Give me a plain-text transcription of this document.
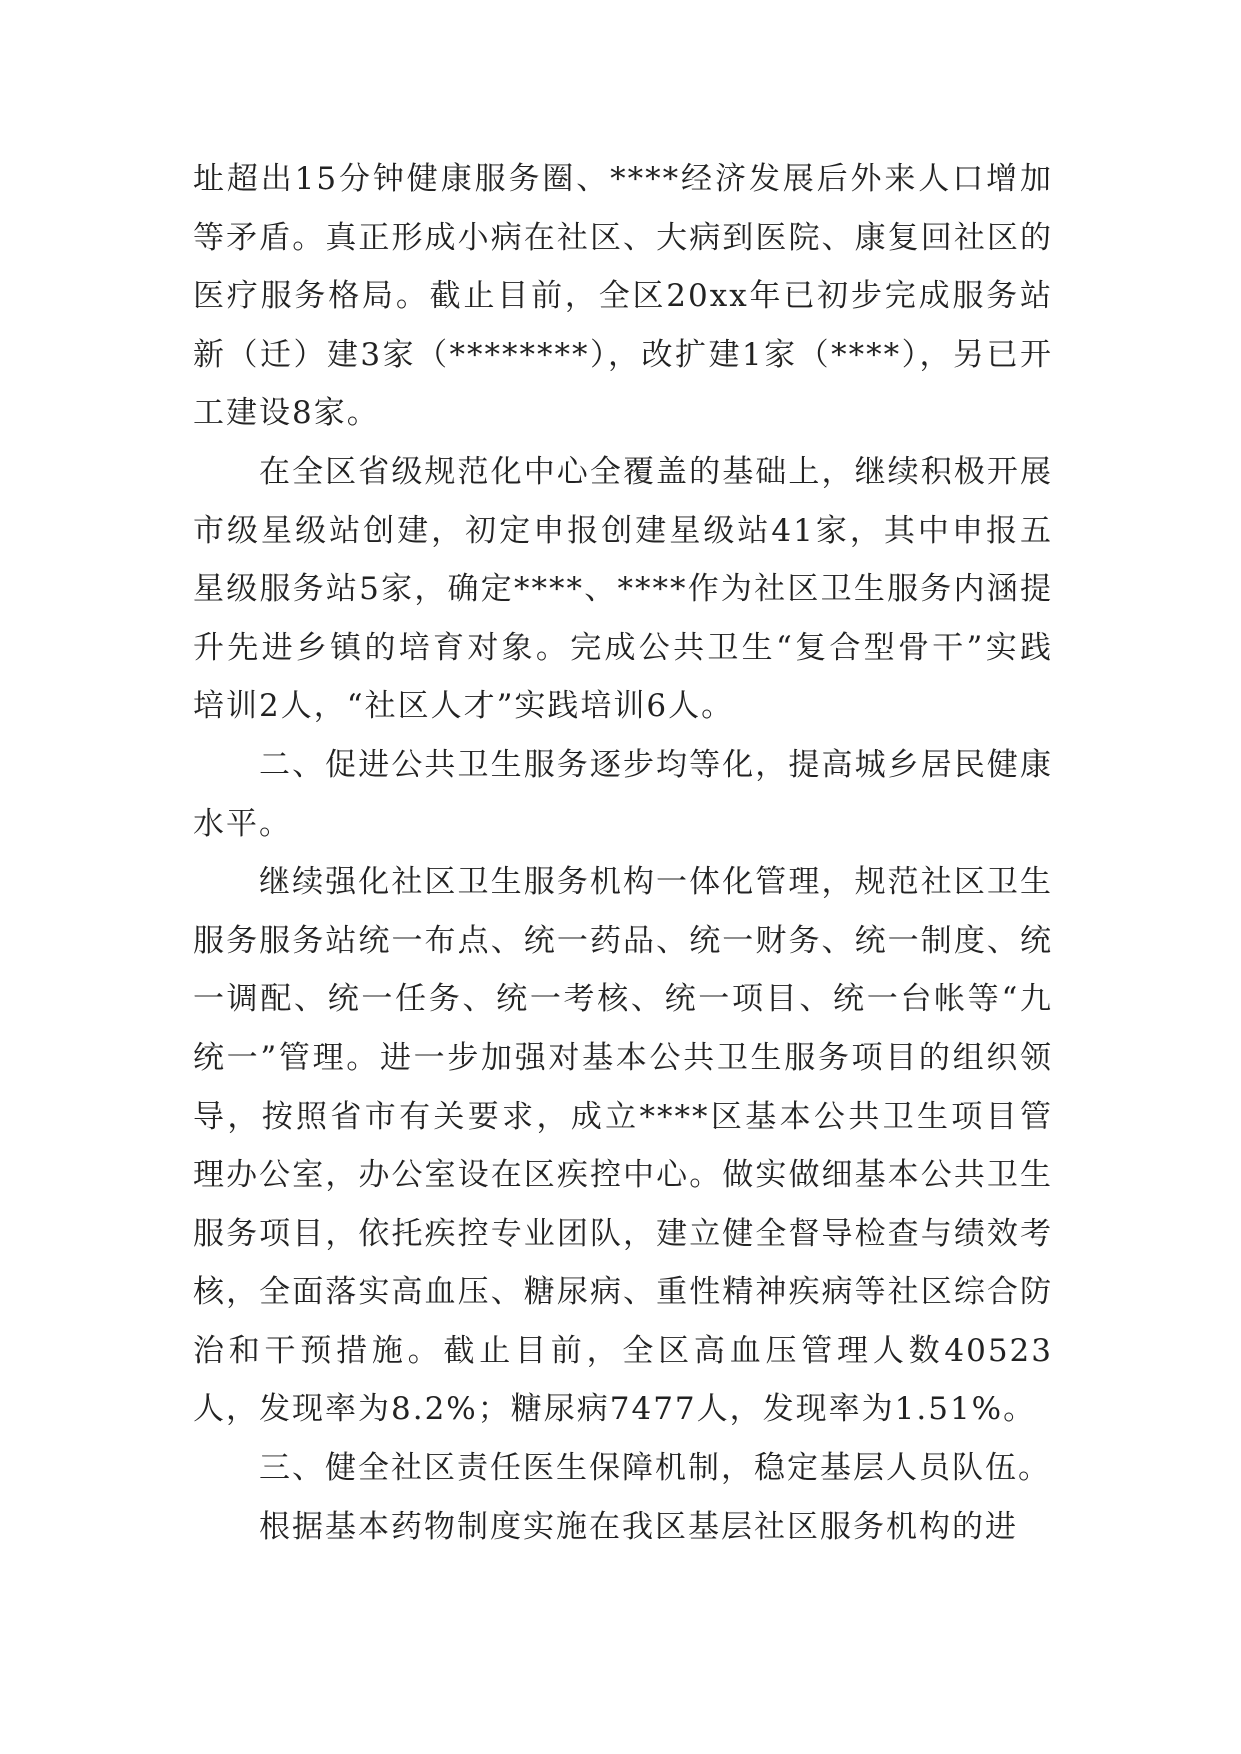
址超出15分钟健康服务圈、****经济发展后外来人口增加等矛盾。真正形成小病在社区、大病到医院、康复回社区的医疗服务格局。截止目前，全区20xx年已初步完成服务站新（迁）建3家（********），改扩建1家（****），另已开工建设8家。

在全区省级规范化中心全覆盖的基础上，继续积极开展市级星级站创建，初定申报创建星级站41家，其中申报五星级服务站5家，确定****、****作为社区卫生服务内涵提升先进乡镇的培育对象。完成公共卫生“复合型骨干”实践培训2人，“社区人才”实践培训6人。

二、促进公共卫生服务逐步均等化，提高城乡居民健康水平。

继续强化社区卫生服务机构一体化管理，规范社区卫生服务服务站统一布点、统一药品、统一财务、统一制度、统一调配、统一任务、统一考核、统一项目、统一台帐等“九统一”管理。进一步加强对基本公共卫生服务项目的组织领导，按照省市有关要求，成立****区基本公共卫生项目管理办公室，办公室设在区疾控中心。做实做细基本公共卫生服务项目，依托疾控专业团队，建立健全督导检查与绩效考核，全面落实高血压、糖尿病、重性精神疾病等社区综合防治和干预措施。截止目前，全区高血压管理人数40523人，发现率为8.2%；糖尿病7477人，发现率为1.51%。

三、健全社区责任医生保障机制，稳定基层人员队伍。

根据基本药物制度实施在我区基层社区服务机构的进
